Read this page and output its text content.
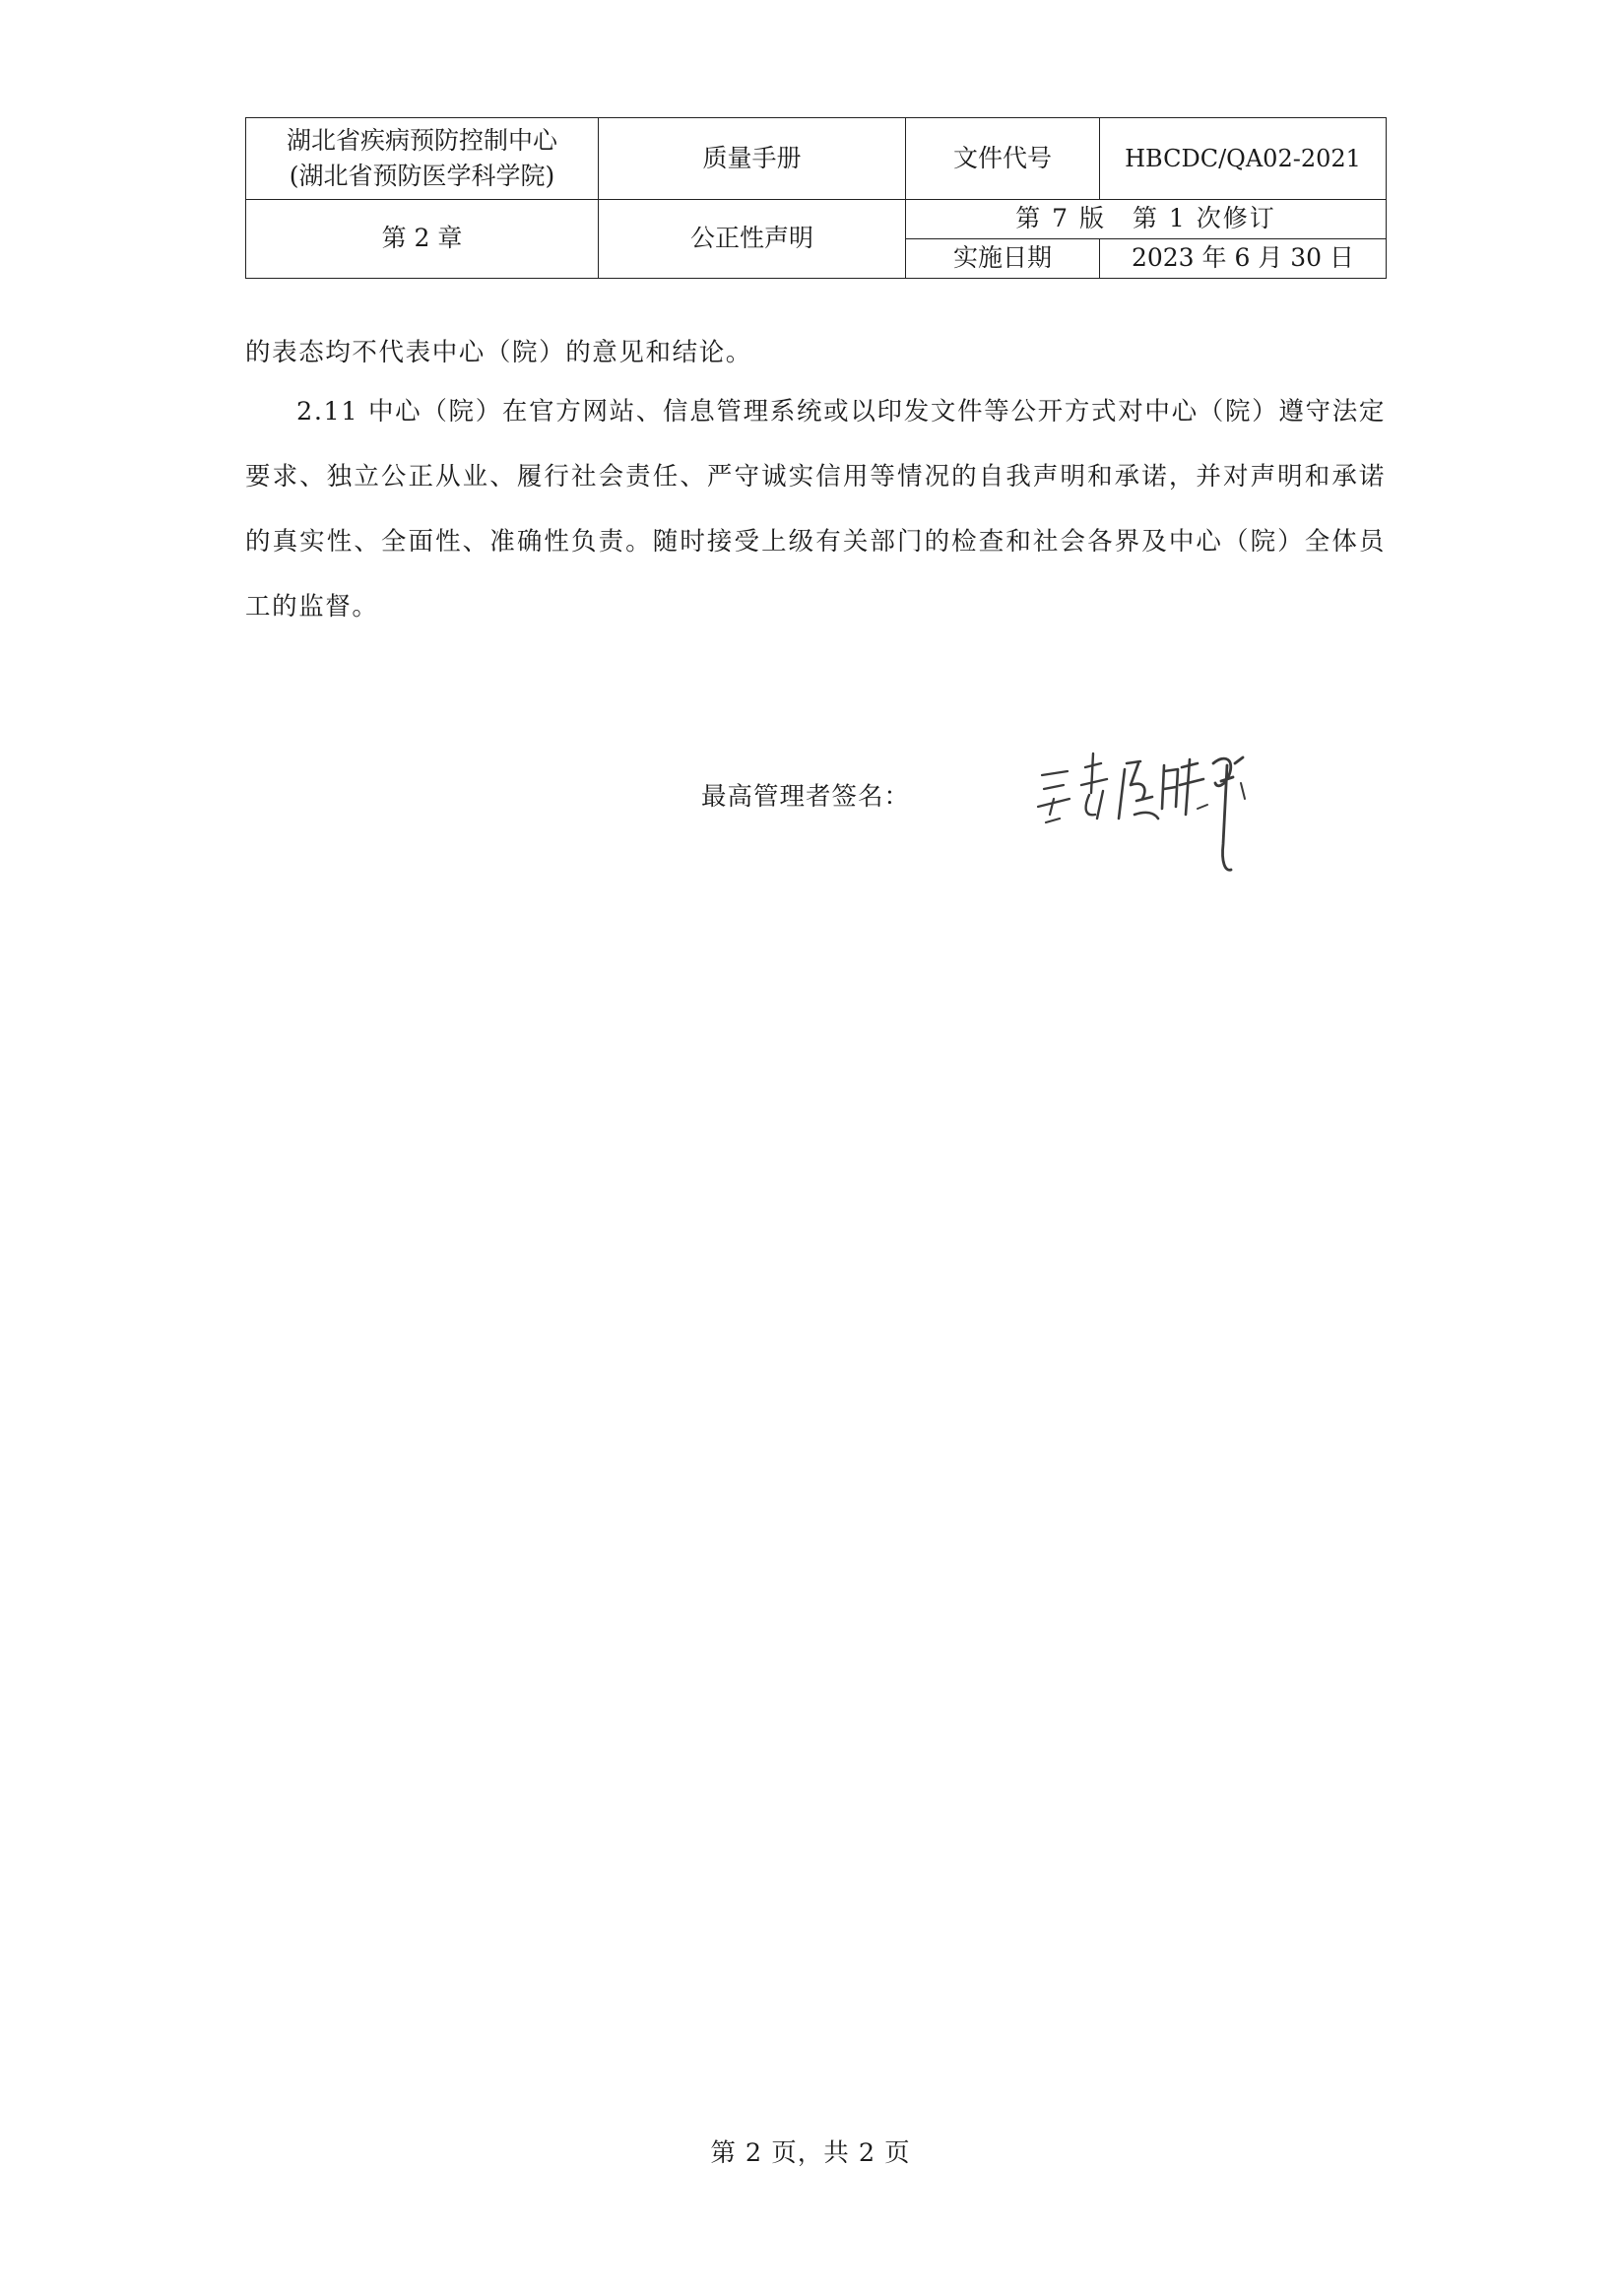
湖北省疾病预防控制中心
(湖北省预防医学科学院)	质量手册	文件代号	HBCDC/QA02-2021
第 2 章	公正性声明	第 7 版　第 1 次修订	
		实施日期	2023 年 6 月 30 日

的表态均不代表中心（院）的意见和结论。

2.11 中心（院）在官方网站、信息管理系统或以印发文件等公开方式对中心（院）遵守法定要求、独立公正从业、履行社会责任、严守诚实信用等情况的自我声明和承诺，并对声明和承诺的真实性、全面性、准确性负责。随时接受上级有关部门的检查和社会各界及中心（院）全体员工的监督。

最高管理者签名：
第 2 页，共 2 页
